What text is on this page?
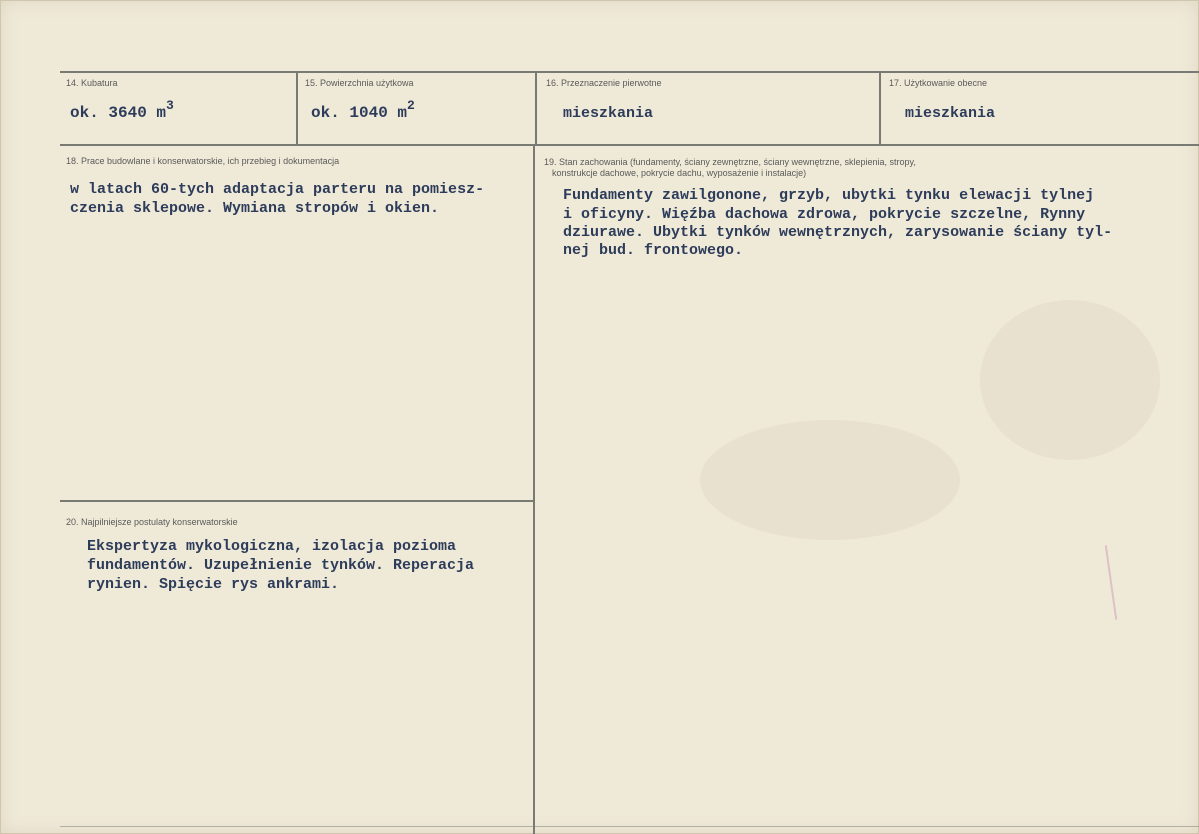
14. Kubatura
ok. 3640 $m^3$
15. Powierzchnia użytkowa
ok. 1040 $m^2$
16. Przeznaczenie pierwotne
mieszkania
17. Użytkowanie obecne
mieszkania
18. Prace budowlane i konserwatorskie, ich przebieg i dokumentacja
w latach 60-tych adaptacja parteru na pomiesz-
czenia sklepowe. Wymiana stropów i okien.
19. Stan zachowania (fundamenty, ściany zewnętrzne, ściany wewnętrzne, sklepienia, stropy,
konstrukcje dachowe, pokrycie dachu, wyposażenie i instalacje)
Fundamenty zawilgonone, grzyb, ubytki tynku elewacji tylnej
i oficyny. Więźba dachowa zdrowa, pokrycie szczelne, Rynny
dziurawe. Ubytki tynków wewnętrznych, zarysowanie ściany tyl-
nej bud. frontowego.
20. Najpilniejsze postulaty konserwatorskie
Ekspertyza mykologiczna, izolacja pozioma
fundamentów. Uzupełnienie tynków. Reperacja
rynien. Spięcie rys ankrami.
